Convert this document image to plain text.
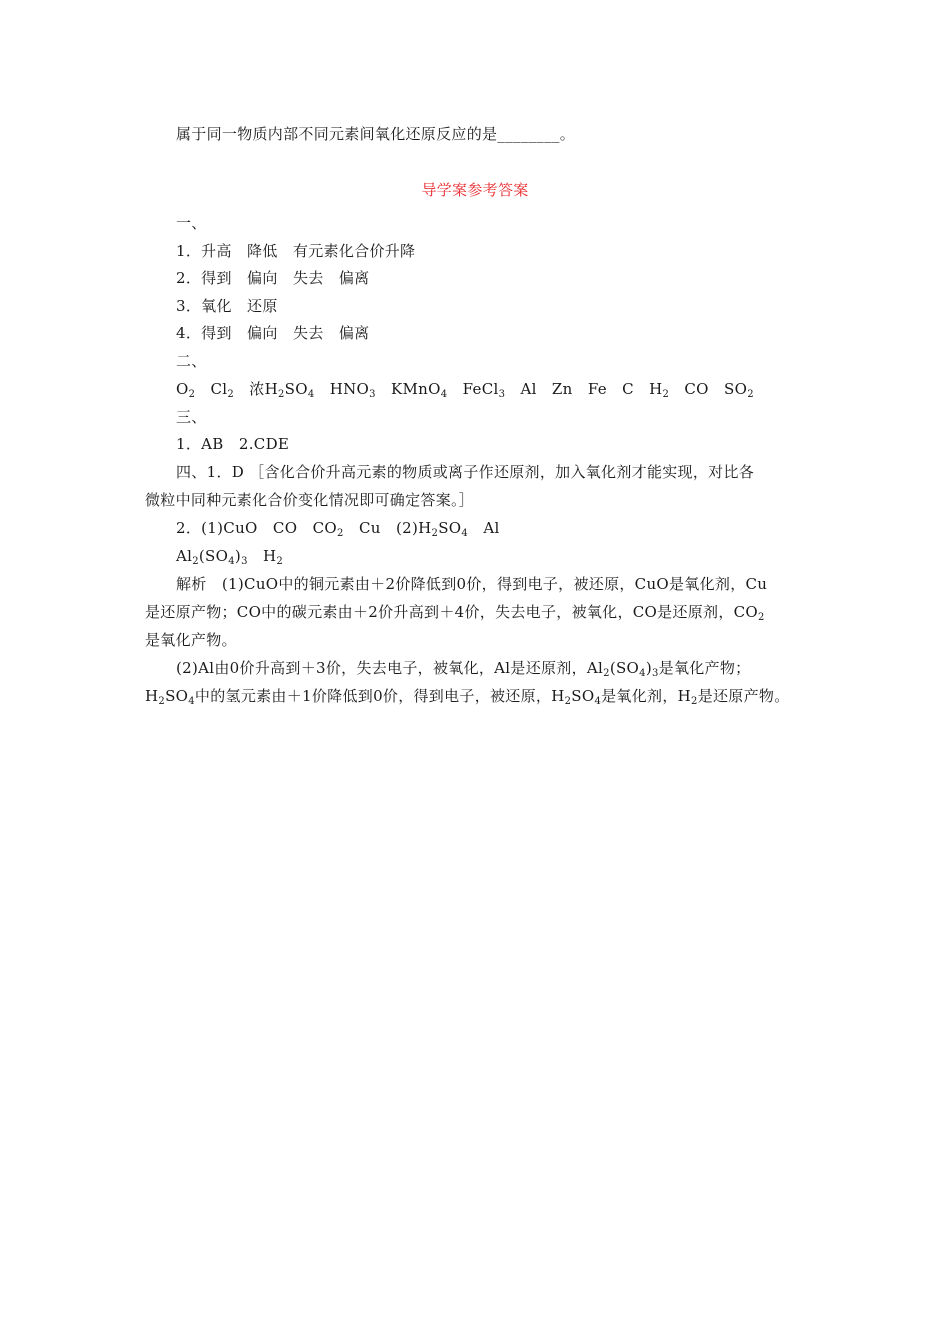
属于同一物质内部不同元素间氧化还原反应的是________。
导学案参考答案
一、
1．升高　降低　有元素化合价升降
2．得到　偏向　失去　偏离
3．氧化　还原
4．得到　偏向　失去　偏离
二、
$O_2$ $Cl_2$ 浓$H_2SO_4$ $HNO_3$ KMnO$_4$ FeCl$_3$ Al Zn Fe C $H_2$ CO $SO_2$
三、
1．AB　2.CDE
四、1．D ［含化合价升高元素的物质或离子作还原剂，加入氧化剂才能实现，对比各
微粒中同种元素化合价变化情况即可确定答案。］
2．(1)CuO　CO　$CO_2$　Cu　$(2)H_2SO_4$　Al
$Al_2(SO_4)_3$　$H_2$
解析　(1)CuO中的铜元素由＋2价降低到0价，得到电子，被还原，CuO是氧化剂，Cu
是还原产物；CO中的碳元素由＋2价升高到＋4价，失去电子，被氧化，CO是还原剂，$CO_2$
是氧化产物。
(2)Al由0价升高到＋3价，失去电子，被氧化，Al是还原剂，$Al_2(SO_4)_3$是氧化产物；
$H_2SO_4$中的氢元素由＋1价降低到0价，得到电子，被还原，$H_2SO_4$是氧化剂，$H_2$是还原产物。
